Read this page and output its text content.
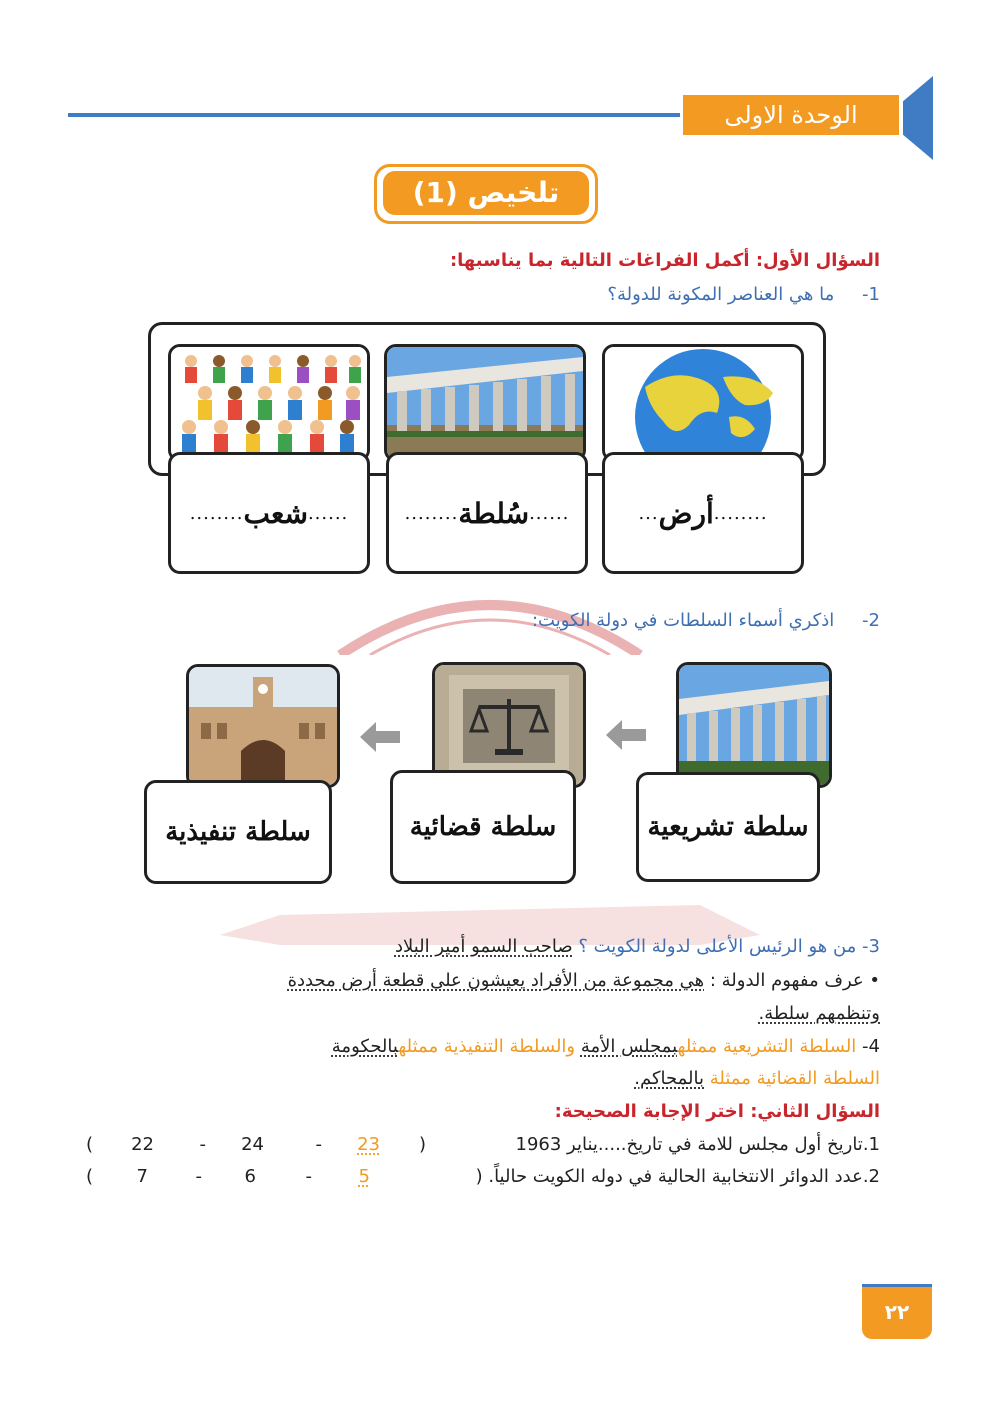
الوحدة الاولى
تلخيص (1)
السؤال الأول: أكمل الفراغات التالية بما يناسبها:
1- ما هي العناصر المكونة للدولة؟
........
أرض
...
......
سُلطة
........
......
شعب
........
2- اذكري أسماء السلطات في دولة الكويت:
سلطة تشريعية
سلطة قضائية
سلطة تنفيذية
3- من هو الرئيس الأعلى لدولة الكويت ؟ صاحب السمو أمير البلاد
• عرف مفهوم الدولة : هي مجموعة من الأفراد يعيشون على قطعة أرض محددة
وتنظمهم سلطة.
4- السلطة التشريعية ممثلهبمجلس الأمة والسلطة التنفيذية ممثلهبالحكومة
السلطة القضائية ممثلة بالمحاكم.
السؤال الثاني: اختر الإجابة الصحيحة:
1.تاريخ أول مجلس للامة في تاريخ.....يناير 1963
(
23
-
24
-
22
)
2.عدد الدوائر الانتخابية الحالية في دوله الكويت حالياً. (
5
-
6
-
7
)
٢٢
